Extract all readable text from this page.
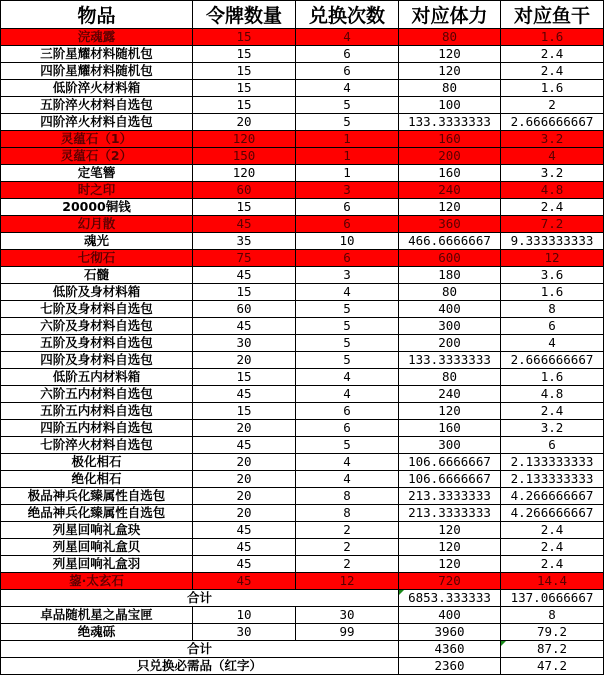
物品	令牌数量	兑换次数	对应体力	对应鱼干
浣魂露	15	4	80	1.6
三阶星耀材料随机包	15	6	120	2.4
四阶星耀材料随机包	15	6	120	2.4
低阶淬火材料箱	15	4	80	1.6
五阶淬火材料自选包	15	5	100	2
四阶淬火材料自选包	20	5	133.3333333	2.666666667
灵蕴石（1）	120	1	160	3.2
灵蕴石（2）	150	1	200	4
定笔簪	120	1	160	3.2
时之印	60	3	240	4.8
20000铜钱	15	6	120	2.4
幻月散	45	6	360	7.2
魂光	35	10	466.6666667	9.333333333
七彻石	75	6	600	12
石髓	45	3	180	3.6
低阶及身材料箱	15	4	80	1.6
七阶及身材料自选包	60	5	400	8
六阶及身材料自选包	45	5	300	6
五阶及身材料自选包	30	5	200	4
四阶及身材料自选包	20	5	133.3333333	2.666666667
低阶五内材料箱	15	4	80	1.6
六阶五内材料自选包	45	4	240	4.8
五阶五内材料自选包	15	6	120	2.4
四阶五内材料自选包	20	6	160	3.2
七阶淬火材料自选包	45	5	300	6
极化相石	20	4	106.6666667	2.133333333
绝化相石	20	4	106.6666667	2.133333333
极品神兵化臻属性自选包	20	8	213.3333333	4.266666667
绝品神兵化臻属性自选包	20	8	213.3333333	4.266666667
列星回响礼盒玦	45	2	120	2.4
列星回响礼盒贝	45	2	120	2.4
列星回响礼盒羽	45	2	120	2.4
鋆·太玄石	45	12	720	14.4
合计			6853.333333	137.0666667
卓品随机星之晶宝匣	10	30	400	8
绝魂砾	30	99	3960	79.2
合计			4360	87.2
只兑换必需品（红字）			2360	47.2
